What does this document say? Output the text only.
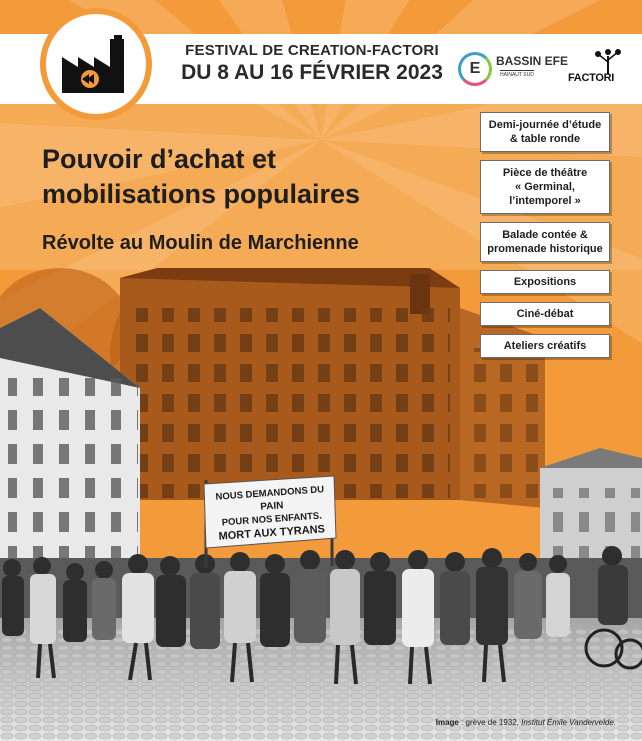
NOUS DEMANDONS DU
PAIN
POUR NOS ENFANTS.
MORT AUX TYRANS
FESTIVAL DE CREATION-FACTORI
DU 8 AU 16 FÉVRIER 2023	E	BASSIN EFE
HAINAUT SUD	FACTORI
Pouvoir d’achat et
mobilisations populaires
Révolte au Moulin de Marchienne
Demi-journée d’étude
& table ronde
Pièce de théâtre
« Germinal,
l’intemporel »
Balade contée &
promenade historique
Expositions
Ciné-débat
Ateliers créatifs
Image : grève de 1932, Institut Émile Vandervelde.
